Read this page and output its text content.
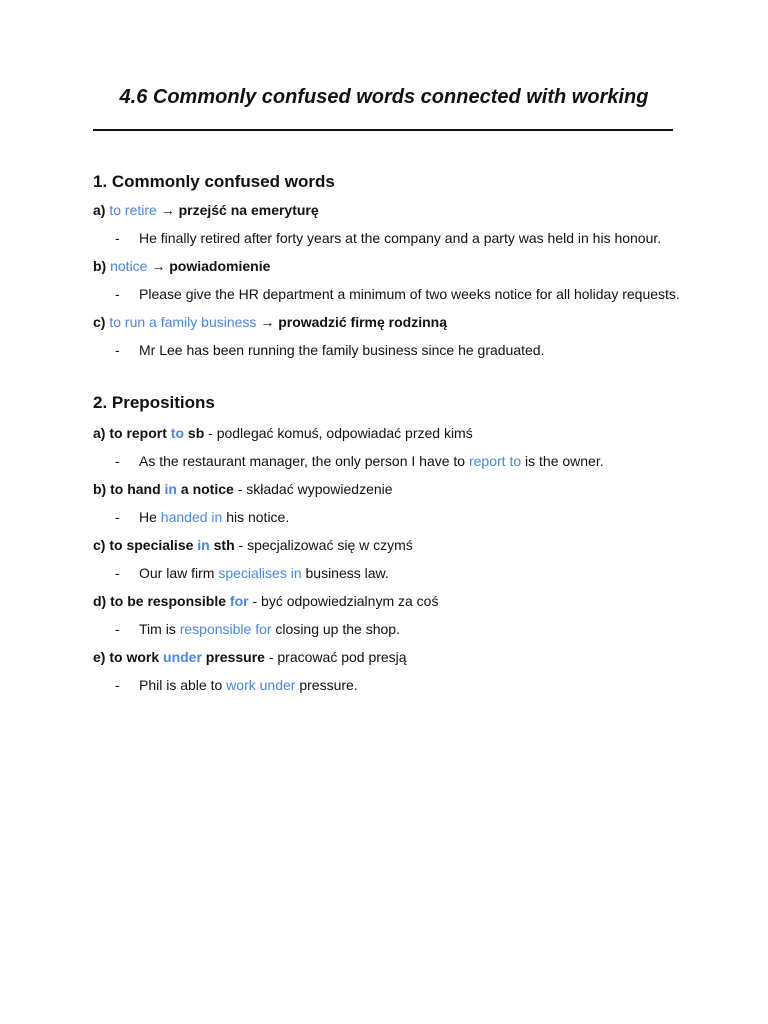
4.6 Commonly confused words connected with working
1. Commonly confused words

a) to retire → przejść na emeryturę

- He finally retired after forty years at the company and a party was held in his honour.

b) notice → powiadomienie

- Please give the HR department a minimum of two weeks notice for all holiday requests.

c) to run a family business → prowadzić firmę rodzinną

- Mr Lee has been running the family business since he graduated.

2. Prepositions

a) to report to sb - podlegać komuś, odpowiadać przed kimś

- As the restaurant manager, the only person I have to report to is the owner.

b) to hand in a notice - składać wypowiedzenie

- He handed in his notice.

c) to specialise in sth - specjalizować się w czymś

- Our law firm specialises in business law.

d) to be responsible for - być odpowiedzialnym za coś

- Tim is responsible for closing up the shop.

e) to work under pressure - pracować pod presją

- Phil is able to work under pressure.
